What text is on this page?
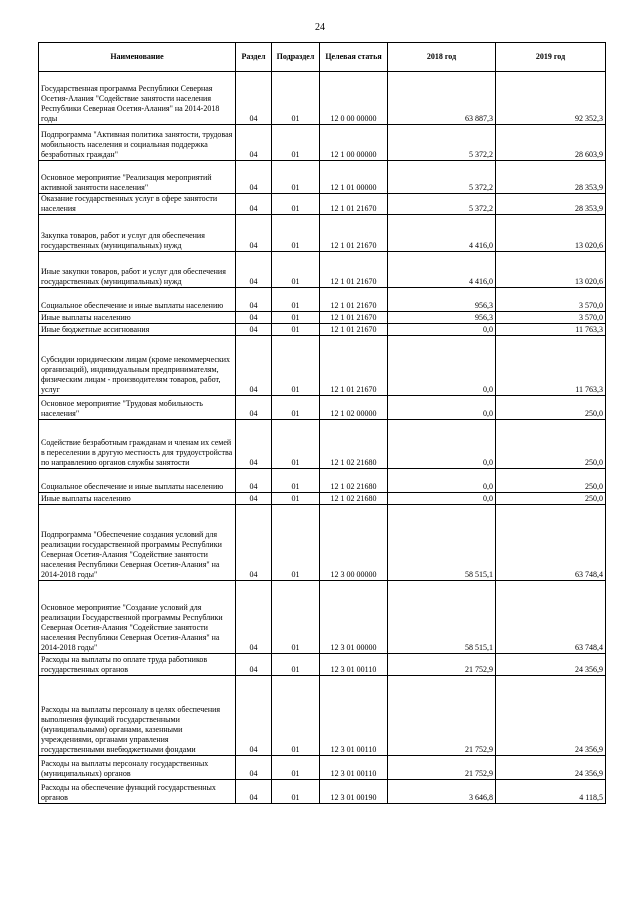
24
Наименование	Раздел	Подраздел	Целевая статья	2018 год	2019 год
Государственная программа Республики Северная Осетия-Алания "Содействие занятости населения Республики Северная Осетия-Алания" на 2014-2018 годы	04	01	12 0 00 00000	63 887,3	92 352,3
Подпрограмма "Активная политика занятости, трудовая мобильность населения и социальная поддержка безработных граждан"	04	01	12 1 00 00000	5 372,2	28 603,9
Основное мероприятие "Реализация мероприятий активной занятости населения"	04	01	12 1 01 00000	5 372,2	28 353,9
Оказание государственных услуг в сфере занятости населения	04	01	12 1 01 21670	5 372,2	28 353,9
Закупка товаров, работ и услуг для обеспечения государственных (муниципальных) нужд	04	01	12 1 01 21670	4 416,0	13 020,6
Иные закупки товаров, работ и услуг для обеспечения государственных (муниципальных) нужд	04	01	12 1 01 21670	4 416,0	13 020,6
Социальное обеспечение и иные выплаты населению	04	01	12 1 01 21670	956,3	3 570,0
Иные выплаты населению	04	01	12 1 01 21670	956,3	3 570,0
Иные бюджетные ассигнования	04	01	12 1 01 21670	0,0	11 763,3
Субсидии юридическим лицам (кроме некоммерческих организаций), индивидуальным предпринимателям, физическим лицам - производителям товаров, работ, услуг	04	01	12 1 01 21670	0,0	11 763,3
Основное мероприятие "Трудовая мобильность населения"	04	01	12 1 02 00000	0,0	250,0
Содействие безработным гражданам и членам их семей в переселении в другую местность для трудоустройства по направлению органов службы занятости	04	01	12 1 02 21680	0,0	250,0
Социальное обеспечение и иные выплаты населению	04	01	12 1 02 21680	0,0	250,0
Иные выплаты населению	04	01	12 1 02 21680	0,0	250,0
Подпрограмма "Обеспечение создания условий для реализации государственной программы Республики Северная Осетия-Алания "Содействие занятости населения Республики Северная Осетия-Алания" на 2014-2018 годы"	04	01	12 3 00 00000	58 515,1	63 748,4
Основное мероприятие "Создание условий для реализации Государственной программы Республики Северная Осетия-Алания "Содействие занятости населения Республики Северная Осетия-Алания" на 2014-2018 годы"	04	01	12 3 01 00000	58 515,1	63 748,4
Расходы на выплаты по оплате труда работников государственных органов	04	01	12 3 01 00110	21 752,9	24 356,9
Расходы на выплаты персоналу в целях обеспечения выполнения функций государственными (муниципальными) органами, казенными учреждениями, органами управления государственными внебюджетными фондами	04	01	12 3 01 00110	21 752,9	24 356,9
Расходы на выплаты персоналу государственных (муниципальных) органов	04	01	12 3 01 00110	21 752,9	24 356,9
Расходы на обеспечение функций государственных органов	04	01	12 3 01 00190	3 646,8	4 118,5
